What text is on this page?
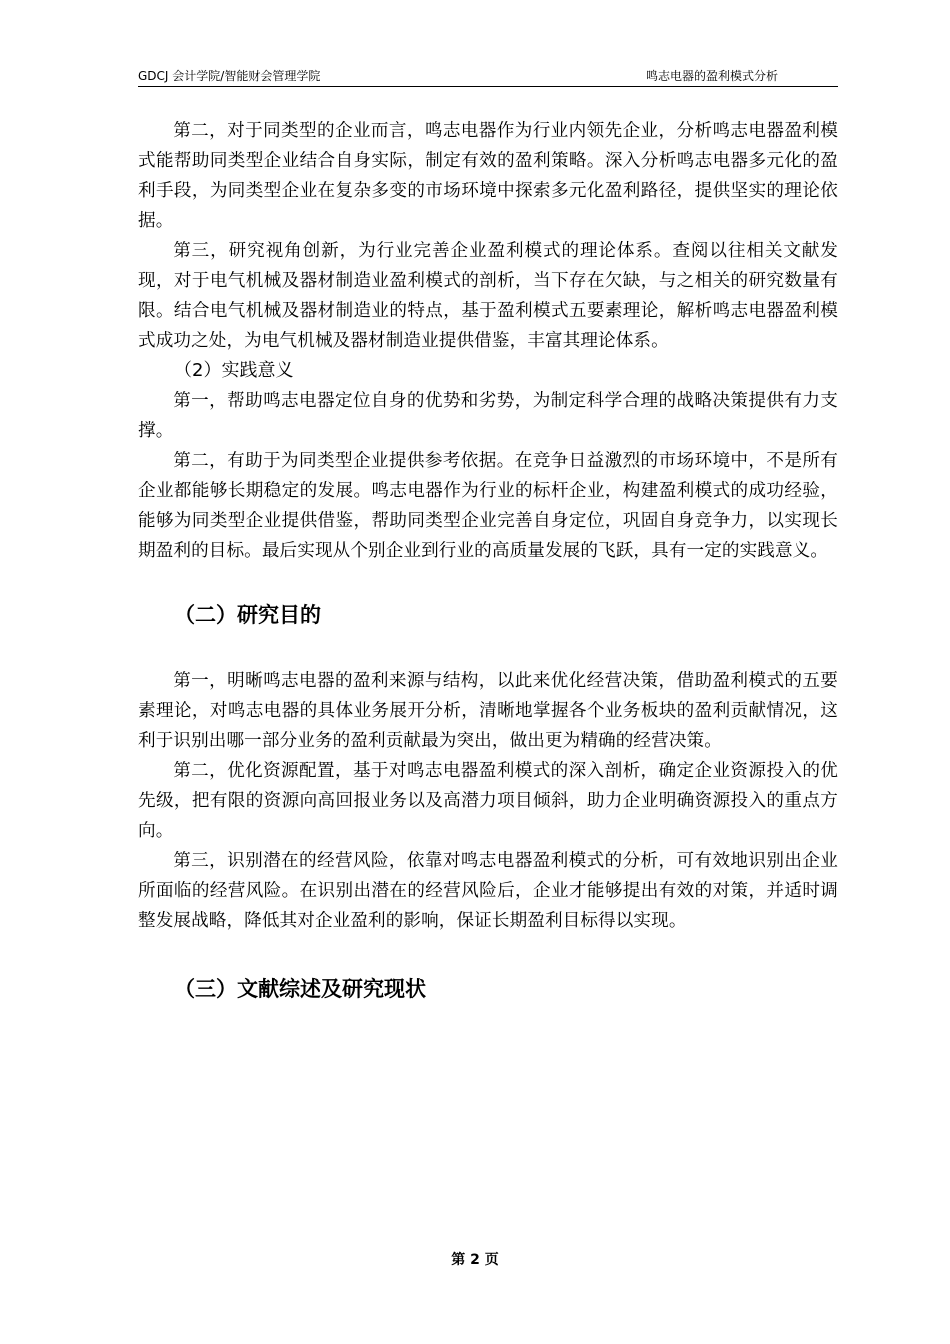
GDCJ 会计学院/智能财会管理学院	鸣志电器的盈利模式分析

第二，对于同类型的企业而言，鸣志电器作为行业内领先企业，分析鸣志电器盈利模式能帮助同类型企业结合自身实际，制定有效的盈利策略。深入分析鸣志电器多元化的盈利手段，为同类型企业在复杂多变的市场环境中探索多元化盈利路径，提供坚实的理论依据。

第三，研究视角创新，为行业完善企业盈利模式的理论体系。查阅以往相关文献发现，对于电气机械及器材制造业盈利模式的剖析，当下存在欠缺，与之相关的研究数量有限。结合电气机械及器材制造业的特点，基于盈利模式五要素理论，解析鸣志电器盈利模式成功之处，为电气机械及器材制造业提供借鉴，丰富其理论体系。

（2）实践意义

第一，帮助鸣志电器定位自身的优势和劣势，为制定科学合理的战略决策提供有力支撑。

第二，有助于为同类型企业提供参考依据。在竞争日益激烈的市场环境中，不是所有企业都能够长期稳定的发展。鸣志电器作为行业的标杆企业，构建盈利模式的成功经验，能够为同类型企业提供借鉴，帮助同类型企业完善自身定位，巩固自身竞争力，以实现长期盈利的目标。最后实现从个别企业到行业的高质量发展的飞跃，具有一定的实践意义。

（二）研究目的

第一，明晰鸣志电器的盈利来源与结构，以此来优化经营决策，借助盈利模式的五要素理论，对鸣志电器的具体业务展开分析，清晰地掌握各个业务板块的盈利贡献情况，这利于识别出哪一部分业务的盈利贡献最为突出，做出更为精确的经营决策。

第二，优化资源配置，基于对鸣志电器盈利模式的深入剖析，确定企业资源投入的优先级，把有限的资源向高回报业务以及高潜力项目倾斜，助力企业明确资源投入的重点方向。

第三，识别潜在的经营风险，依靠对鸣志电器盈利模式的分析，可有效地识别出企业所面临的经营风险。在识别出潜在的经营风险后，企业才能够提出有效的对策，并适时调整发展战略，降低其对企业盈利的影响，保证长期盈利目标得以实现。

（三）文献综述及研究现状
第 2 页
